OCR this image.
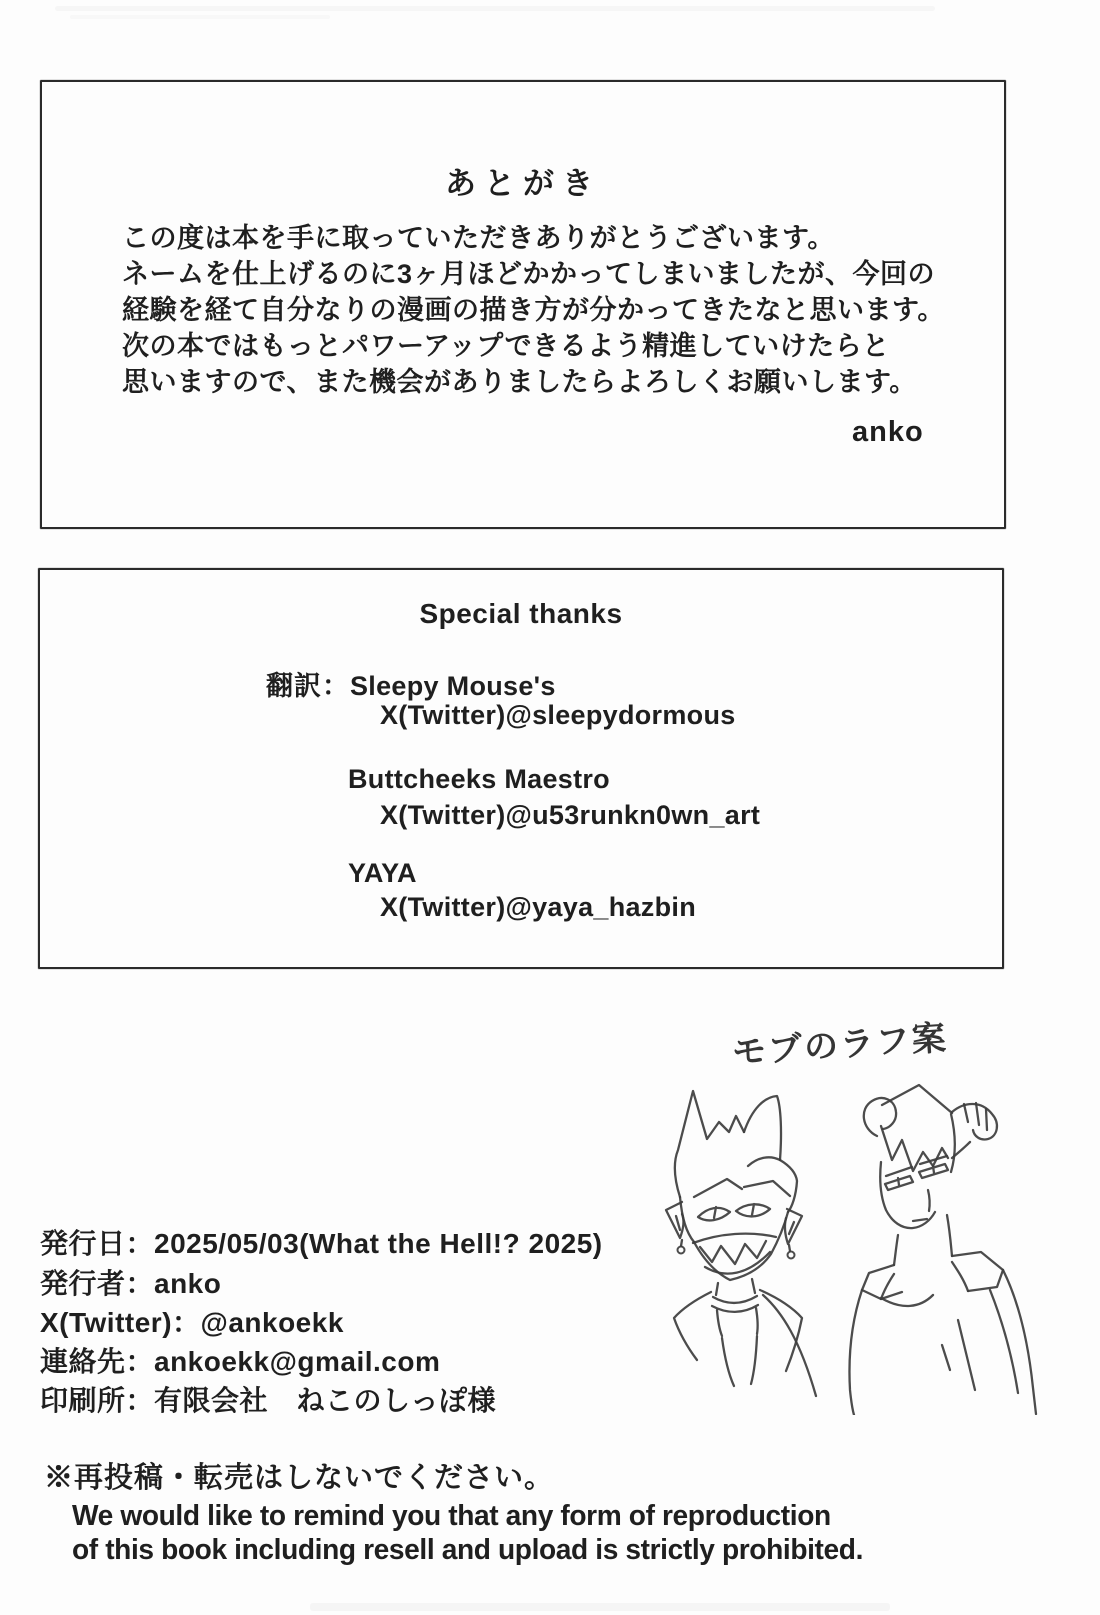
あとがき
この度は本を手に取っていただきありがとうございます。
ネームを仕上げるのに3ヶ月ほどかかってしまいましたが、今回の
経験を経て自分なりの漫画の描き方が分かってきたなと思います。
次の本ではもっとパワーアップできるよう精進していけたらと
思いますので、また機会がありましたらよろしくお願いします。
anko
Special thanks
翻訳：Sleepy Mouse's
X(Twitter)@sleepydormous
Buttcheeks Maestro
X(Twitter)@u53runkn0wn_art
YAYA
X(Twitter)@yaya_hazbin
モブのラフ案
発行日：2025/05/03(What the Hell!? 2025)
発行者：anko
X(Twitter)：@ankoekk
連絡先：ankoekk@gmail.com
印刷所：有限会社　ねこのしっぽ様
※再投稿・転売はしないでください。
We would like to remind you that any form of reproduction
of this book including resell and upload is strictly prohibited.
